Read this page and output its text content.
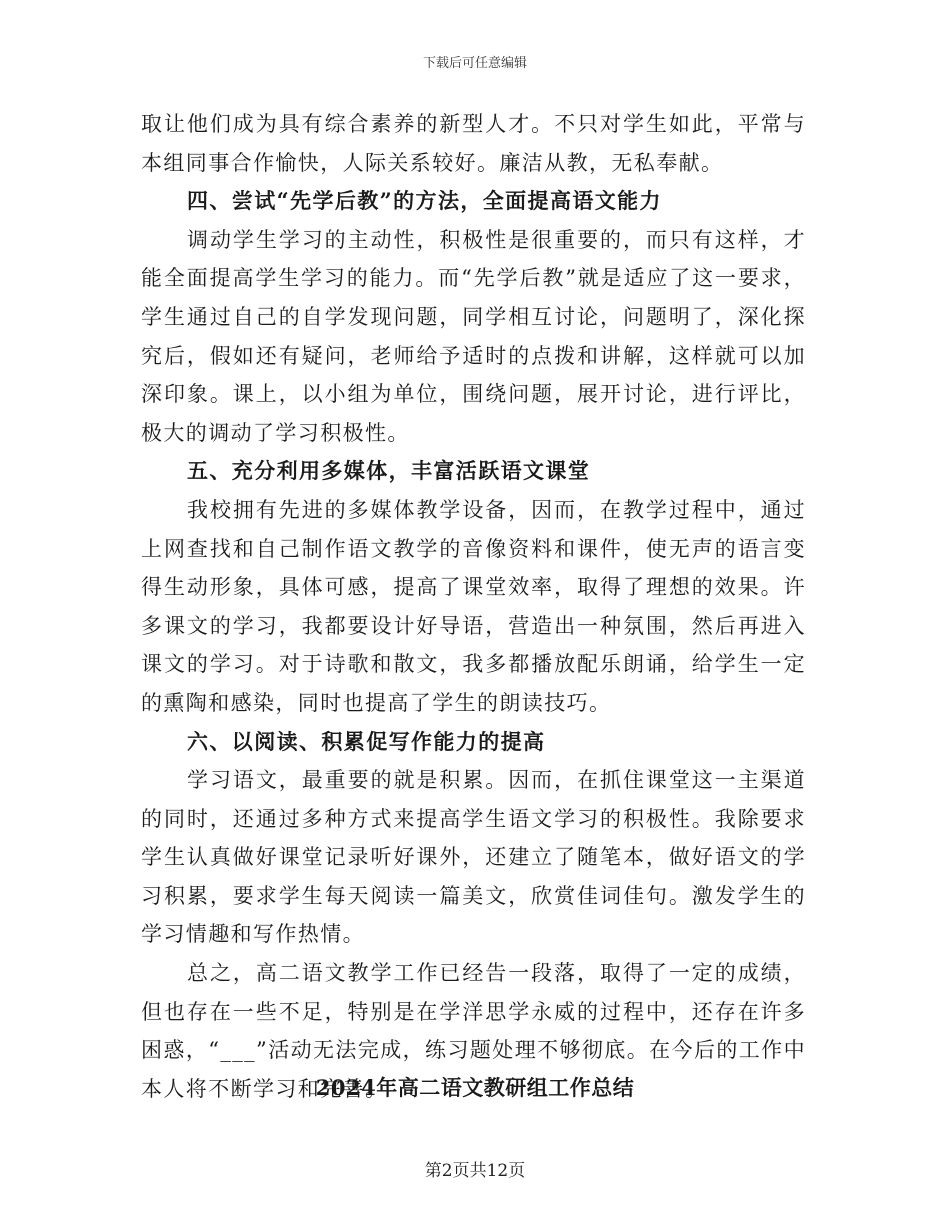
下载后可任意编辑

取让他们成为具有综合素养的新型人才。不只对学生如此，平常与本组同事合作愉快，人际关系较好。廉洁从教，无私奉献。

四、尝试“先学后教”的方法，全面提高语文能力

调动学生学习的主动性，积极性是很重要的，而只有这样，才能全面提高学生学习的能力。而“先学后教”就是适应了这一要求，学生通过自己的自学发现问题，同学相互讨论，问题明了，深化探究后，假如还有疑问，老师给予适时的点拨和讲解，这样就可以加深印象。课上，以小组为单位，围绕问题，展开讨论，进行评比，极大的调动了学习积极性。

五、充分利用多媒体，丰富活跃语文课堂

我校拥有先进的多媒体教学设备，因而，在教学过程中，通过上网查找和自己制作语文教学的音像资料和课件，使无声的语言变得生动形象，具体可感，提高了课堂效率，取得了理想的效果。许多课文的学习，我都要设计好导语，营造出一种氛围，然后再进入课文的学习。对于诗歌和散文，我多都播放配乐朗诵，给学生一定的熏陶和感染，同时也提高了学生的朗读技巧。

六、以阅读、积累促写作能力的提高

学习语文，最重要的就是积累。因而，在抓住课堂这一主渠道的同时，还通过多种方式来提高学生语文学习的积极性。我除要求学生认真做好课堂记录听好课外，还建立了随笔本，做好语文的学习积累，要求学生每天阅读一篇美文，欣赏佳词佳句。激发学生的学习情趣和写作热情。

总之，高二语文教学工作已经告一段落，取得了一定的成绩，但也存在一些不足，特别是在学洋思学永威的过程中，还存在许多困惑，“___”活动无法完成，练习题处理不够彻底。在今后的工作中本人将不断学习和完善。

2024年高二语文教研组工作总结
第2页共12页
